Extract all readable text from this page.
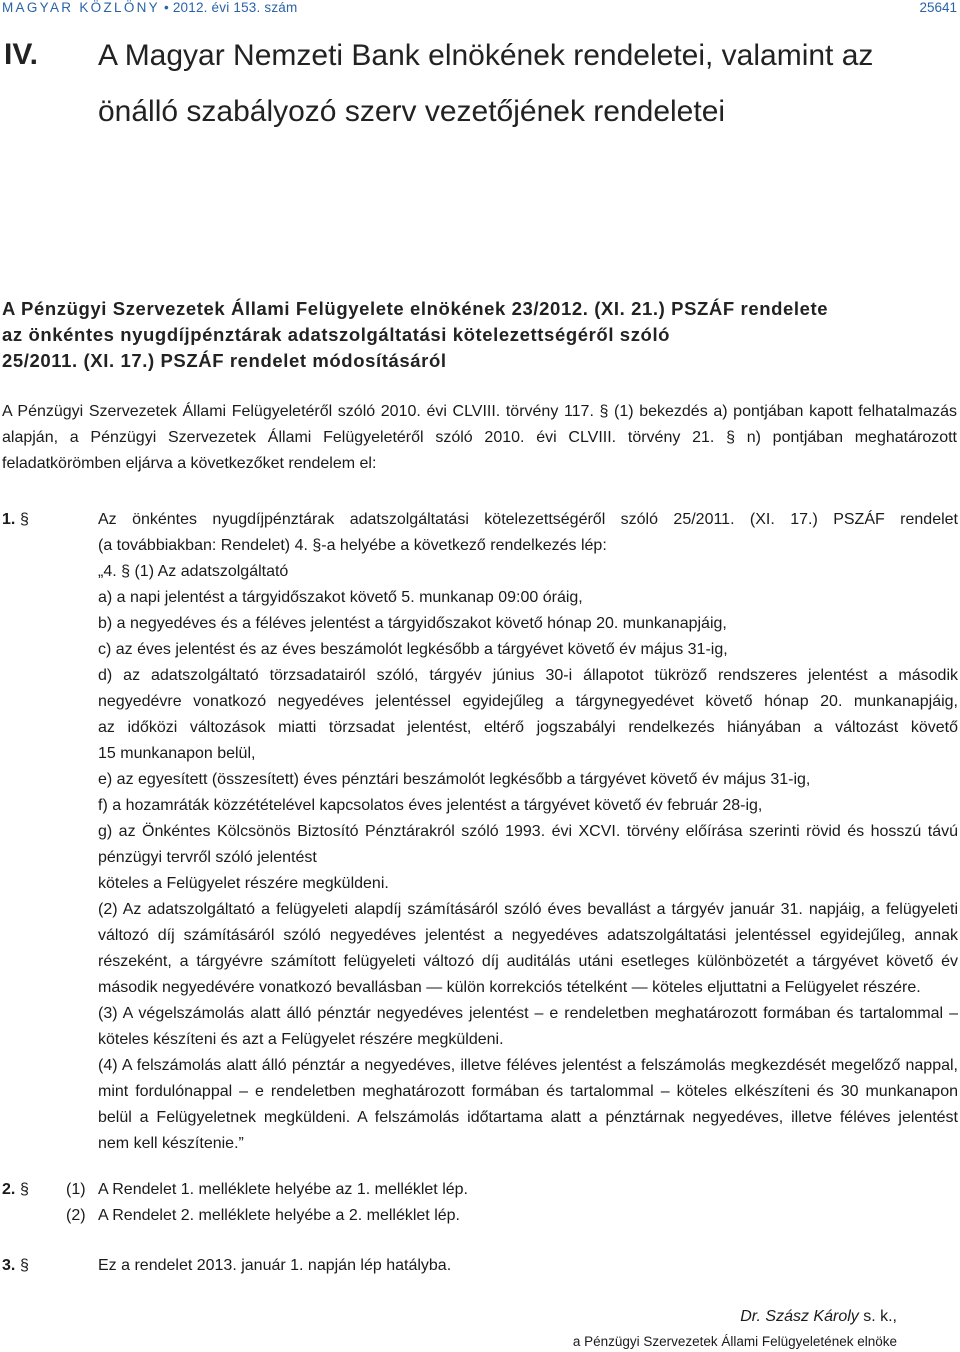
MAGYAR KÖZLÖNY • 2012. évi 153. szám	25641
IV. A Magyar Nemzeti Bank elnökének rendeletei, valamint az önálló szabályozó szerv vezetőjének rendeletei
A Pénzügyi Szervezetek Állami Felügyelete elnökének 23/2012. (XI. 21.) PSZÁF rendelete
az önkéntes nyugdíjpénztárak adatszolgáltatási kötelezettségéről szóló
25/2011. (XI. 17.) PSZÁF rendelet módosításáról
A Pénzügyi Szervezetek Állami Felügyeletéről szóló 2010. évi CLVIII. törvény 117. § (1) bekezdés a) pontjában kapott felhatalmazás alapján, a Pénzügyi Szervezetek Állami Felügyeletéről szóló 2010. évi CLVIII. törvény 21. § n) pontjában meghatározott feladatkörömben eljárva a következőket rendelem el:
1. §	Az önkéntes nyugdíjpénztárak adatszolgáltatási kötelezettségéről szóló 25/2011. (XI. 17.) PSZÁF rendelet
(a továbbiakban: Rendelet) 4. §-a helyébe a következő rendelkezés lép:
„4. § (1) Az adatszolgáltató
a) a napi jelentést a tárgyidőszakot követő 5. munkanap 09:00 óráig,
b) a negyedéves és a féléves jelentést a tárgyidőszakot követő hónap 20. munkanapjáig,
c) az éves jelentést és az éves beszámolót legkésőbb a tárgyévet követő év május 31-ig,
d) az adatszolgáltató törzsadatairól szóló, tárgyév június 30-i állapotot tükröző rendszeres jelentést a második
negyedévre vonatkozó negyedéves jelentéssel egyidejűleg a tárgynegyedévet követő hónap 20. munkanapjáig,
az időközi változások miatti törzsadat jelentést, eltérő jogszabályi rendelkezés hiányában a változást követő
15 munkanapon belül,
e) az egyesített (összesített) éves pénztári beszámolót legkésőbb a tárgyévet követő év május 31-ig,
f) a hozamráták közzétételével kapcsolatos éves jelentést a tárgyévet követő év február 28-ig,
g) az Önkéntes Kölcsönös Biztosító Pénztárakról szóló 1993. évi XCVI. törvény előírása szerinti rövid és hosszú távú
pénzügyi tervről szóló jelentést
köteles a Felügyelet részére megküldeni.
(2) Az adatszolgáltató a felügyeleti alapdíj számításáról szóló éves bevallást a tárgyév január 31. napjáig, a felügyeleti
változó díj számításáról szóló negyedéves jelentést a negyedéves adatszolgáltatási jelentéssel egyidejűleg, annak
részeként, a tárgyévre számított felügyeleti változó díj auditálás utáni esetleges különbözetét a tárgyévet követő év
második negyedévére vonatkozó bevallásban — külön korrekciós tételként — köteles eljuttatni a Felügyelet részére.
(3) A végelszámolás alatt álló pénztár negyedéves jelentést – e rendeletben meghatározott formában és tartalommal –
köteles készíteni és azt a Felügyelet részére megküldeni.
(4) A felszámolás alatt álló pénztár a negyedéves, illetve féléves jelentést a felszámolás megkezdését megelőző nappal,
mint fordulónappal – e rendeletben meghatározott formában és tartalommal – köteles elkészíteni és 30 munkanapon
belül a Felügyeletnek megküldeni. A felszámolás időtartama alatt a pénztárnak negyedéves, illetve féléves jelentést
nem kell készítenie.”
2. § (1) A Rendelet 1. melléklete helyébe az 1. melléklet lép.
(2) A Rendelet 2. melléklete helyébe a 2. melléklet lép.
3. §	Ez a rendelet 2013. január 1. napján lép hatályba.
Dr. Szász Károly s. k.,
a Pénzügyi Szervezetek Állami Felügyeletének elnöke
